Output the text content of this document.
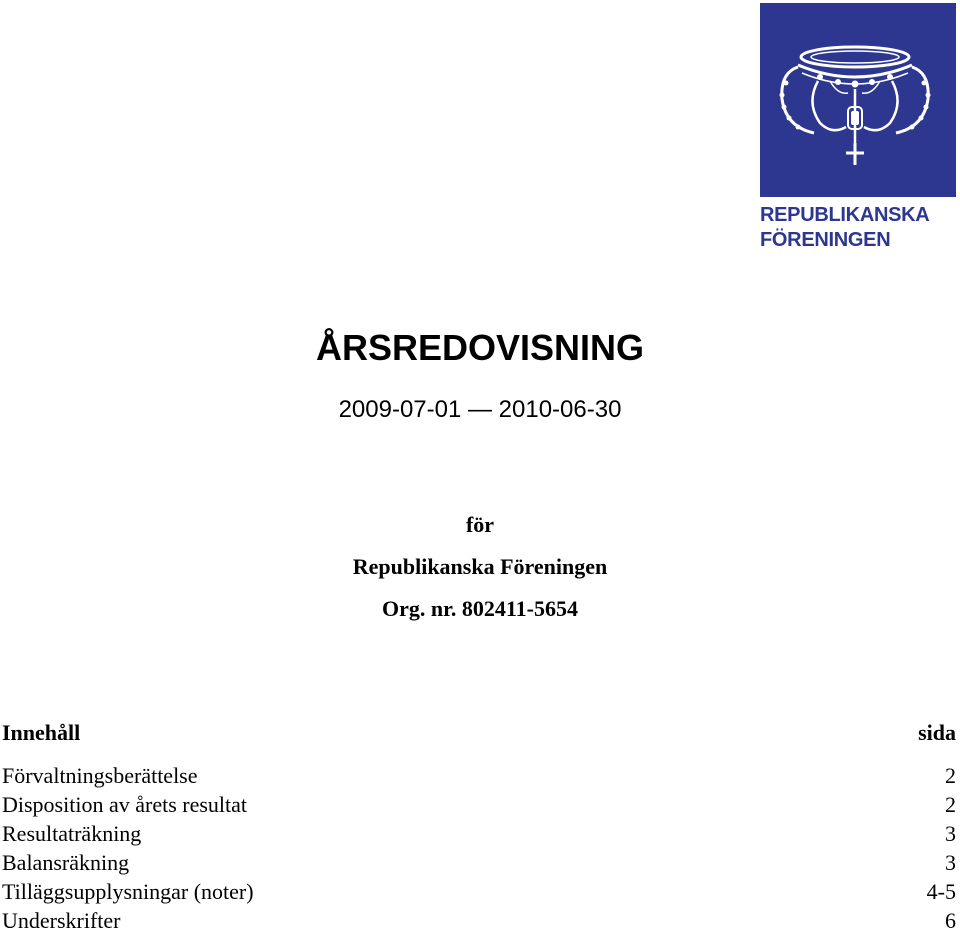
REPUBLIKANSKA
FÖRENINGEN
ÅRSREDOVISNING
2009-07-01 — 2010-06-30
för
Republikanska Föreningen
Org. nr. 802411-5654
Innehåll	sida
Förvaltningsberättelse	2
Disposition av årets resultat	2
Resultaträkning	3
Balansräkning	3
Tilläggsupplysningar (noter)	4-5
Underskrifter	6
